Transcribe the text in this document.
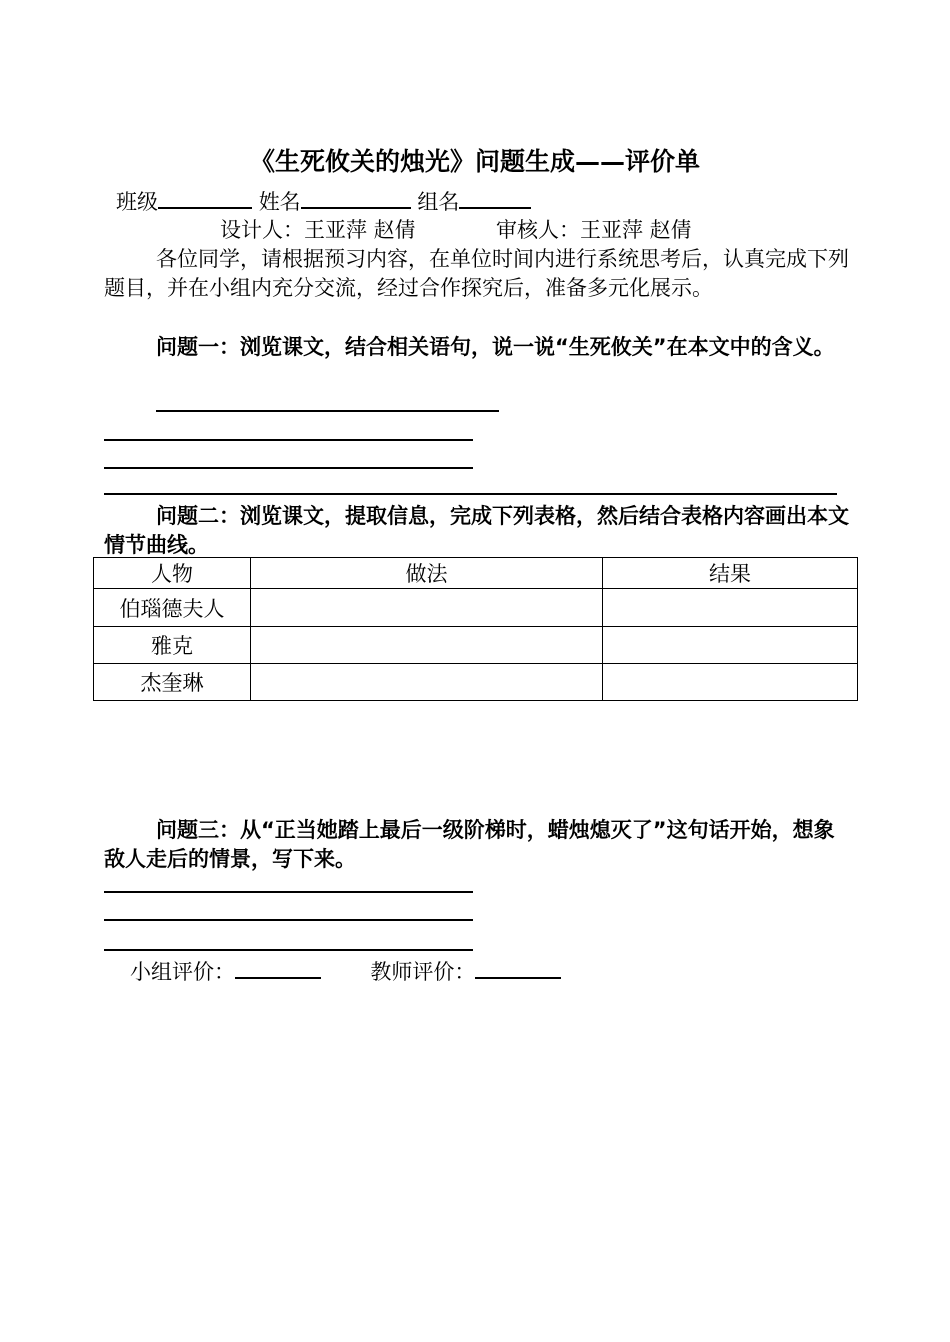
《生死攸关的烛光》问题生成——评价单
班级	姓名	组名
设计人：王亚萍 赵倩	审核人：王亚萍 赵倩
各位同学，请根据预习内容，在单位时间内进行系统思考后，认真完成下列题目，并在小组内充分交流，经过合作探究后，准备多元化展示。
问题一：浏览课文，结合相关语句，说一说“生死攸关”在本文中的含义。
问题二：浏览课文，提取信息，完成下列表格，然后结合表格内容画出本文情节曲线。
人物	做法	结果
伯瑙德夫人		
雅克		
杰奎琳		
问题三：从“正当她踏上最后一级阶梯时，蜡烛熄灭了”这句话开始，想象敌人走后的情景，写下来。
小组评价：	教师评价：
